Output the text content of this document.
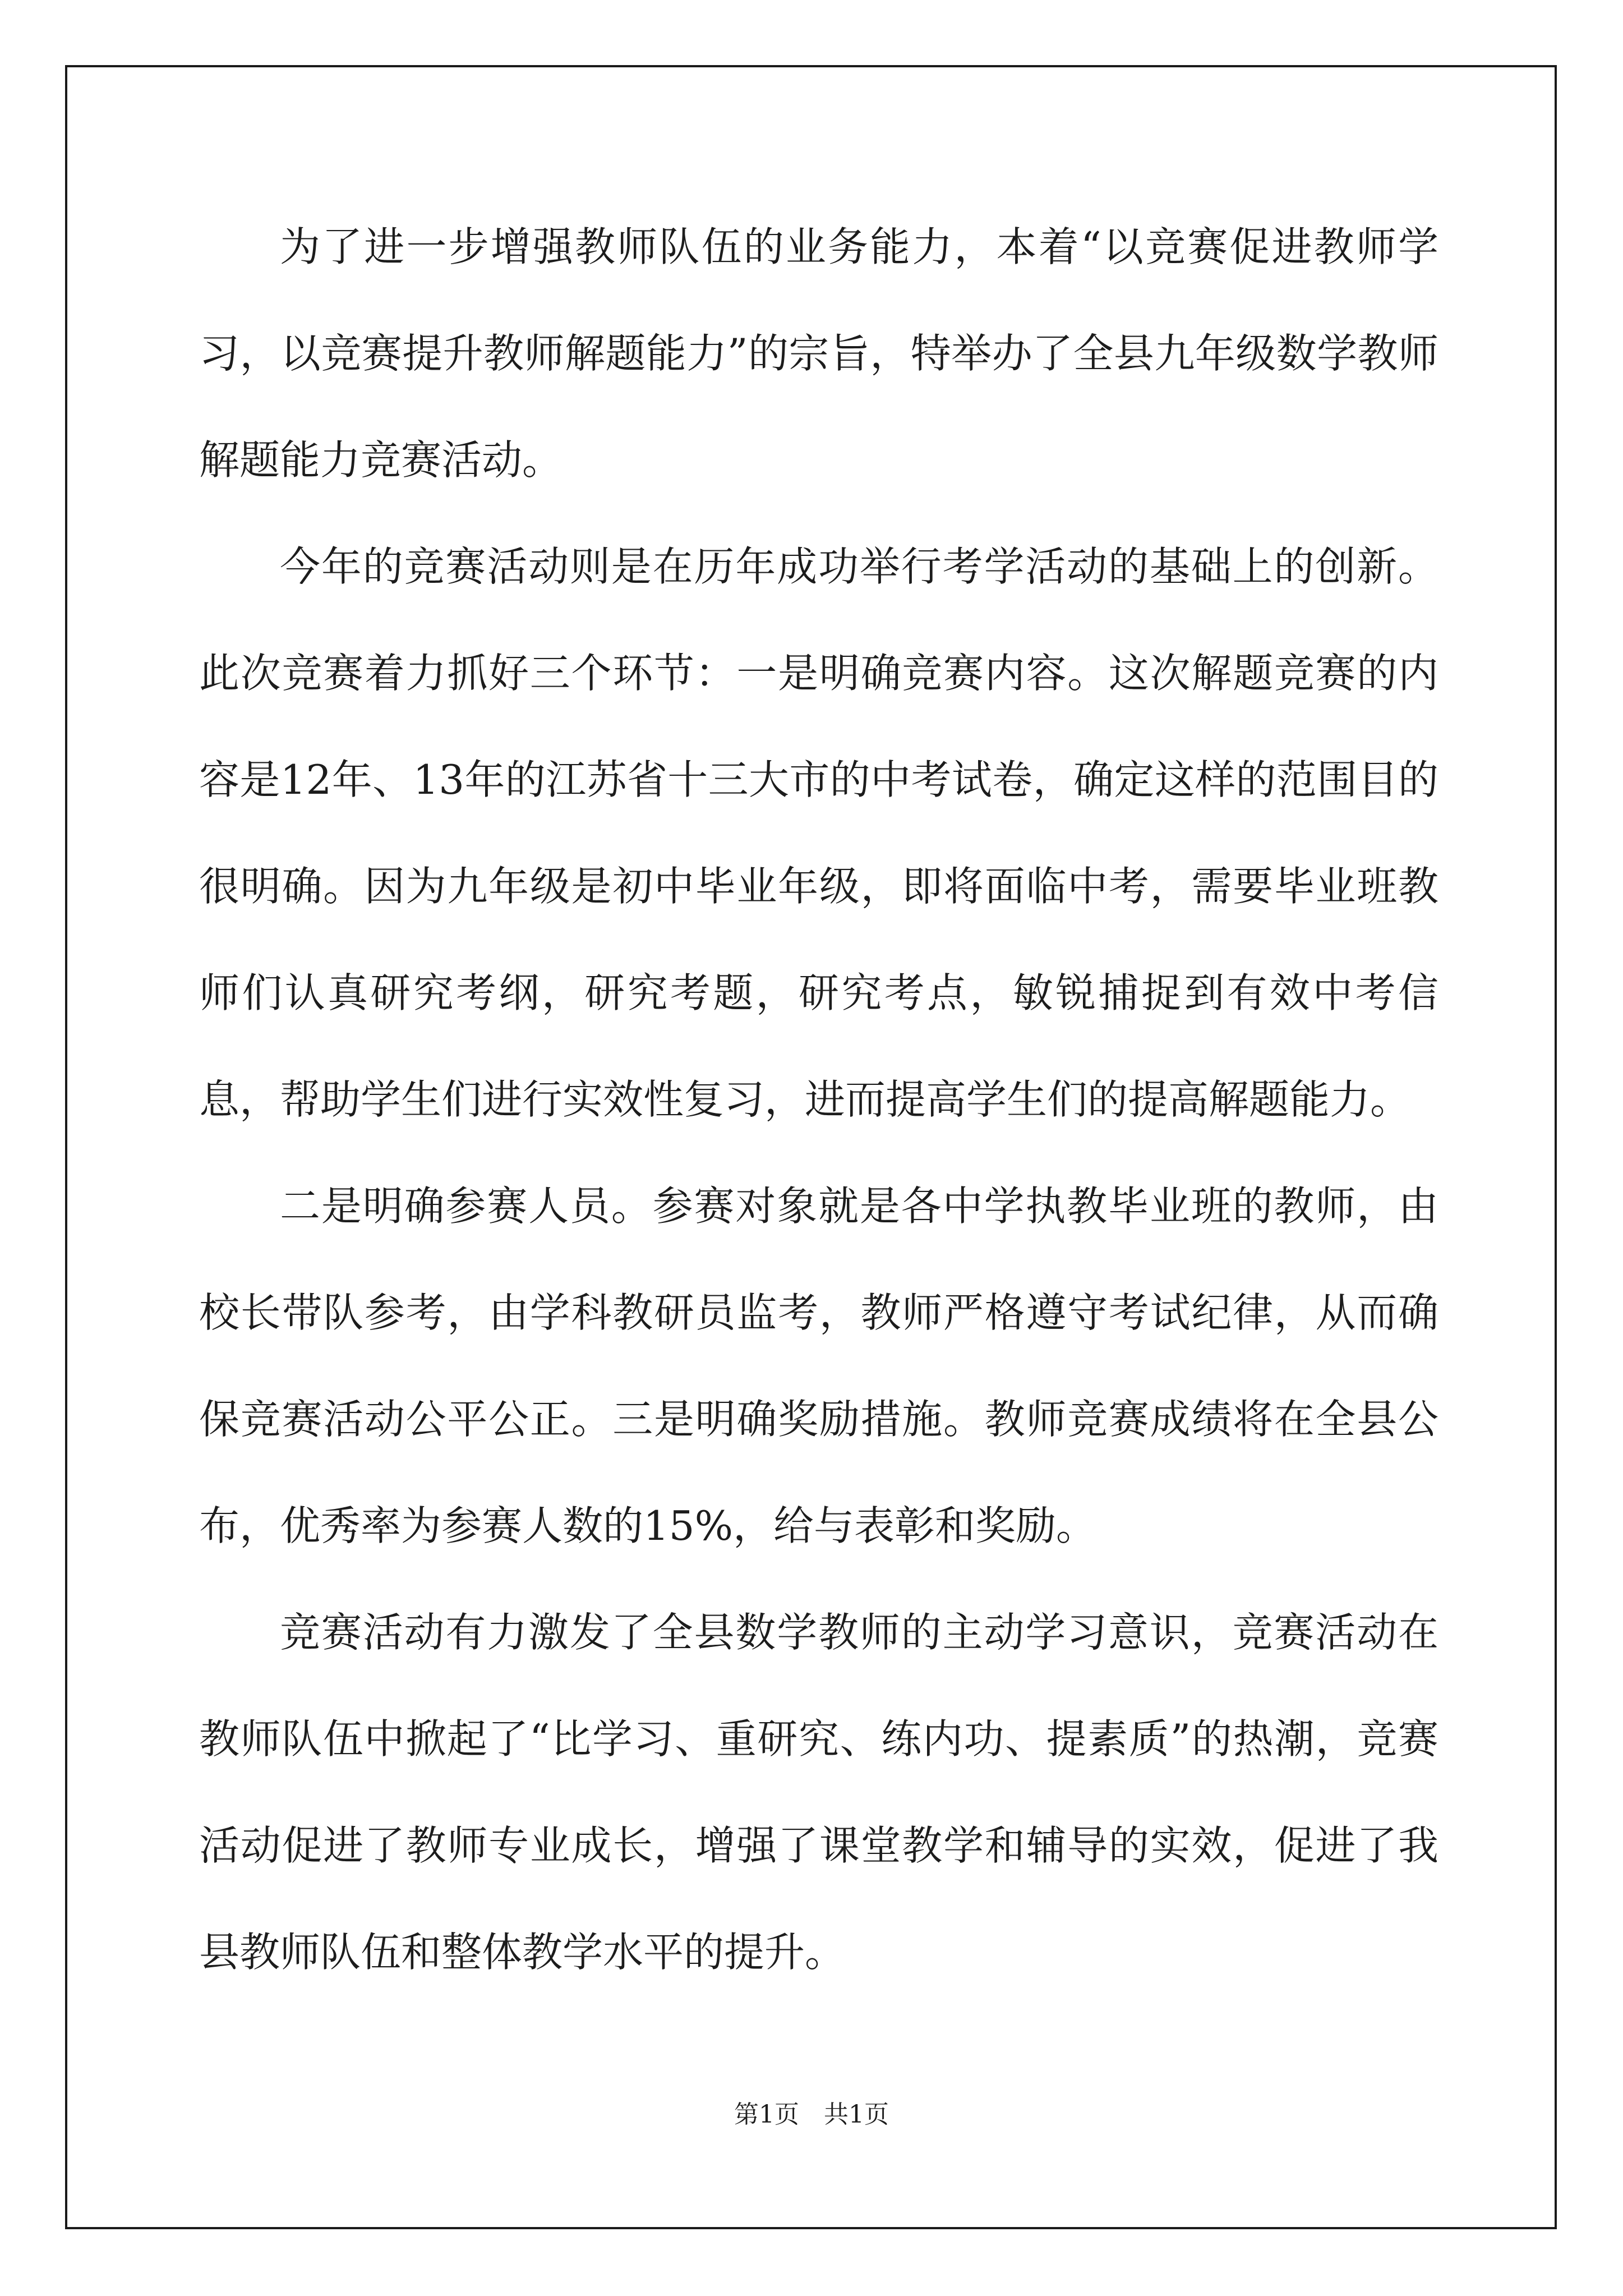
为了进一步增强教师队伍的业务能力，本着“以竞赛促进教师学习，以竞赛提升教师解题能力”的宗旨，特举办了全县九年级数学教师解题能力竞赛活动。

今年的竞赛活动则是在历年成功举行考学活动的基础上的创新。此次竞赛着力抓好三个环节：一是明确竞赛内容。这次解题竞赛的内容是12年、13年的江苏省十三大市的中考试卷，确定这样的范围目的很明确。因为九年级是初中毕业年级，即将面临中考，需要毕业班教师们认真研究考纲，研究考题，研究考点，敏锐捕捉到有效中考信息，帮助学生们进行实效性复习，进而提高学生们的提高解题能力。

二是明确参赛人员。参赛对象就是各中学执教毕业班的教师，由校长带队参考，由学科教研员监考，教师严格遵守考试纪律，从而确保竞赛活动公平公正。三是明确奖励措施。教师竞赛成绩将在全县公布，优秀率为参赛人数的15%，给与表彰和奖励。

竞赛活动有力激发了全县数学教师的主动学习意识，竞赛活动在教师队伍中掀起了“比学习、重研究、练内功、提素质”的热潮，竞赛活动促进了教师专业成长，增强了课堂教学和辅导的实效，促进了我县教师队伍和整体教学水平的提升。

第1页　共1页
